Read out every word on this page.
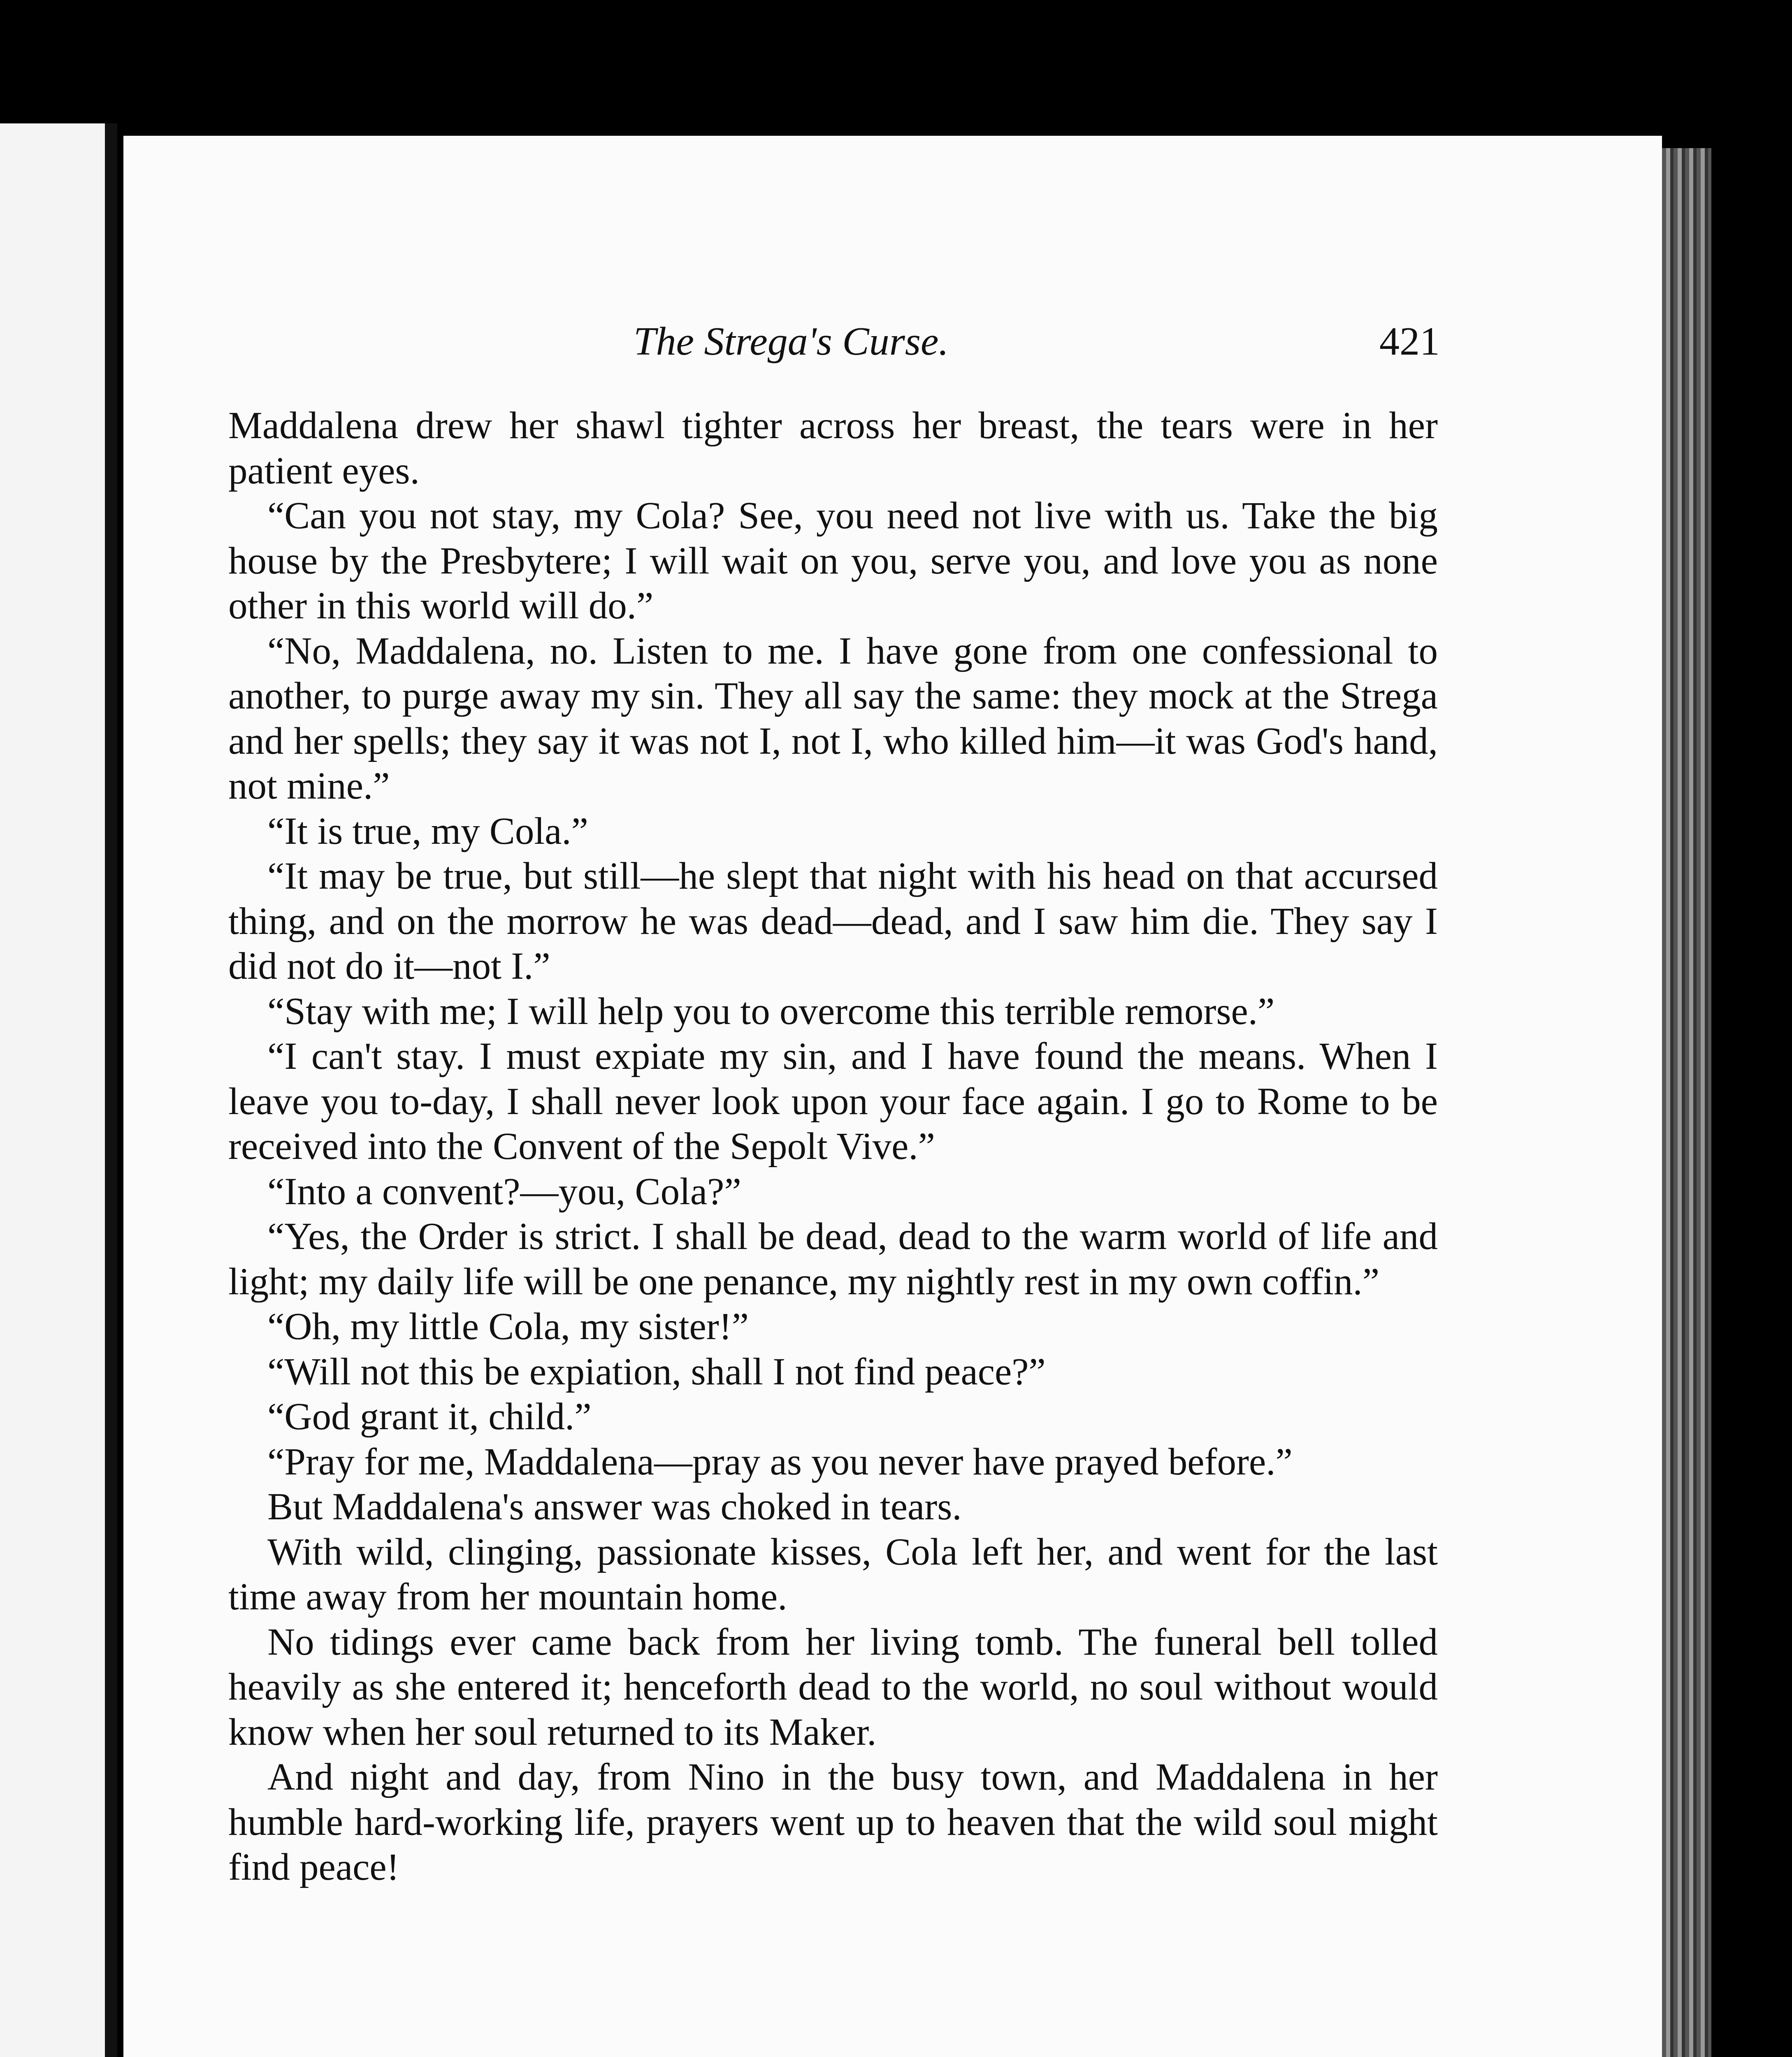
The Strega's Curse.	421

Maddalena drew her shawl tighter across her breast, the tears were in her patient eyes.

“Can you not stay, my Cola? See, you need not live with us. Take the big house by the Presbytere; I will wait on you, serve you, and love you as none other in this world will do.”

“No, Maddalena, no. Listen to me. I have gone from one confessional to another, to purge away my sin. They all say the same: they mock at the Strega and her spells; they say it was not I, not I, who killed him—it was God's hand, not mine.”

“It is true, my Cola.”

“It may be true, but still—he slept that night with his head on that accursed thing, and on the morrow he was dead—dead, and I saw him die. They say I did not do it—not I.”

“Stay with me; I will help you to overcome this terrible remorse.”

“I can't stay. I must expiate my sin, and I have found the means. When I leave you to-day, I shall never look upon your face again. I go to Rome to be received into the Convent of the Sepolt Vive.”

“Into a convent?—you, Cola?”

“Yes, the Order is strict. I shall be dead, dead to the warm world of life and light; my daily life will be one penance, my nightly rest in my own coffin.”

“Oh, my little Cola, my sister!”

“Will not this be expiation, shall I not find peace?”

“God grant it, child.”

“Pray for me, Maddalena—pray as you never have prayed before.”

But Maddalena's answer was choked in tears.

With wild, clinging, passionate kisses, Cola left her, and went for the last time away from her mountain home.

No tidings ever came back from her living tomb. The funeral bell tolled heavily as she entered it; henceforth dead to the world, no soul without would know when her soul returned to its Maker.

And night and day, from Nino in the busy town, and Maddalena in her humble hard-working life, prayers went up to heaven that the wild soul might find peace!
